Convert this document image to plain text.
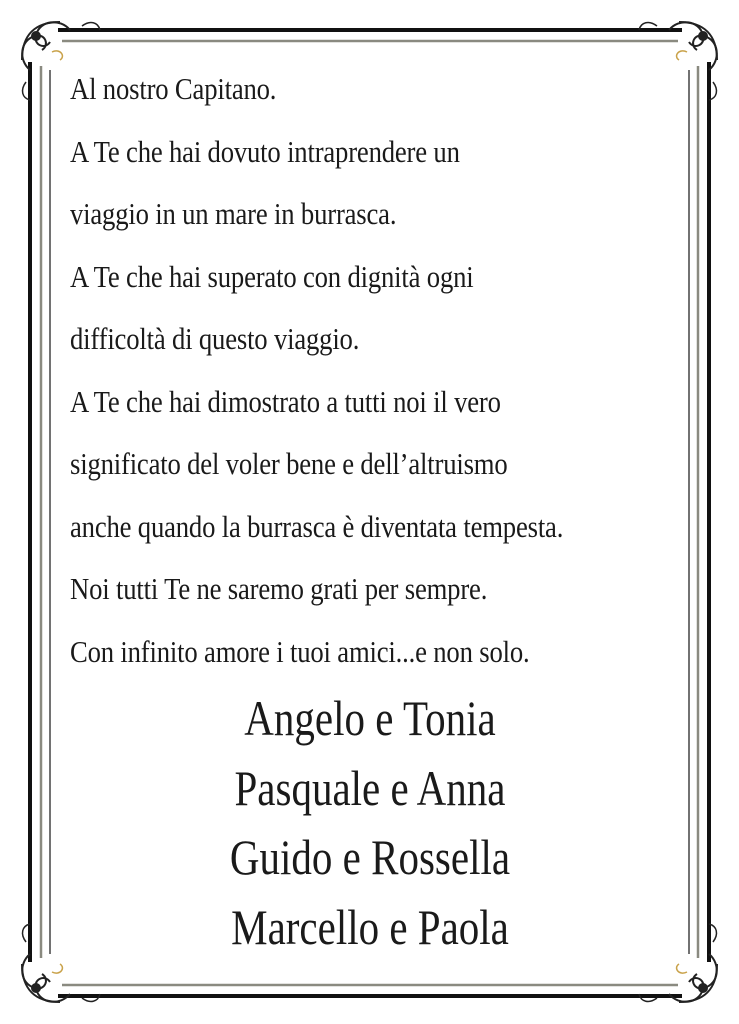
Al nostro Capitano.
A Te che hai dovuto intraprendere un
viaggio in un mare in burrasca.
A Te che hai superato con dignità ogni
difficoltà di questo viaggio.
A Te che hai dimostrato a tutti noi il vero
significato del voler bene e dell’altruismo
anche quando la burrasca è diventata tempesta.
Noi tutti Te ne saremo grati per sempre.
Con infinito amore i tuoi amici...e non solo.
Angelo e Tonia
Pasquale e Anna
Guido e Rossella
Marcello e Paola
